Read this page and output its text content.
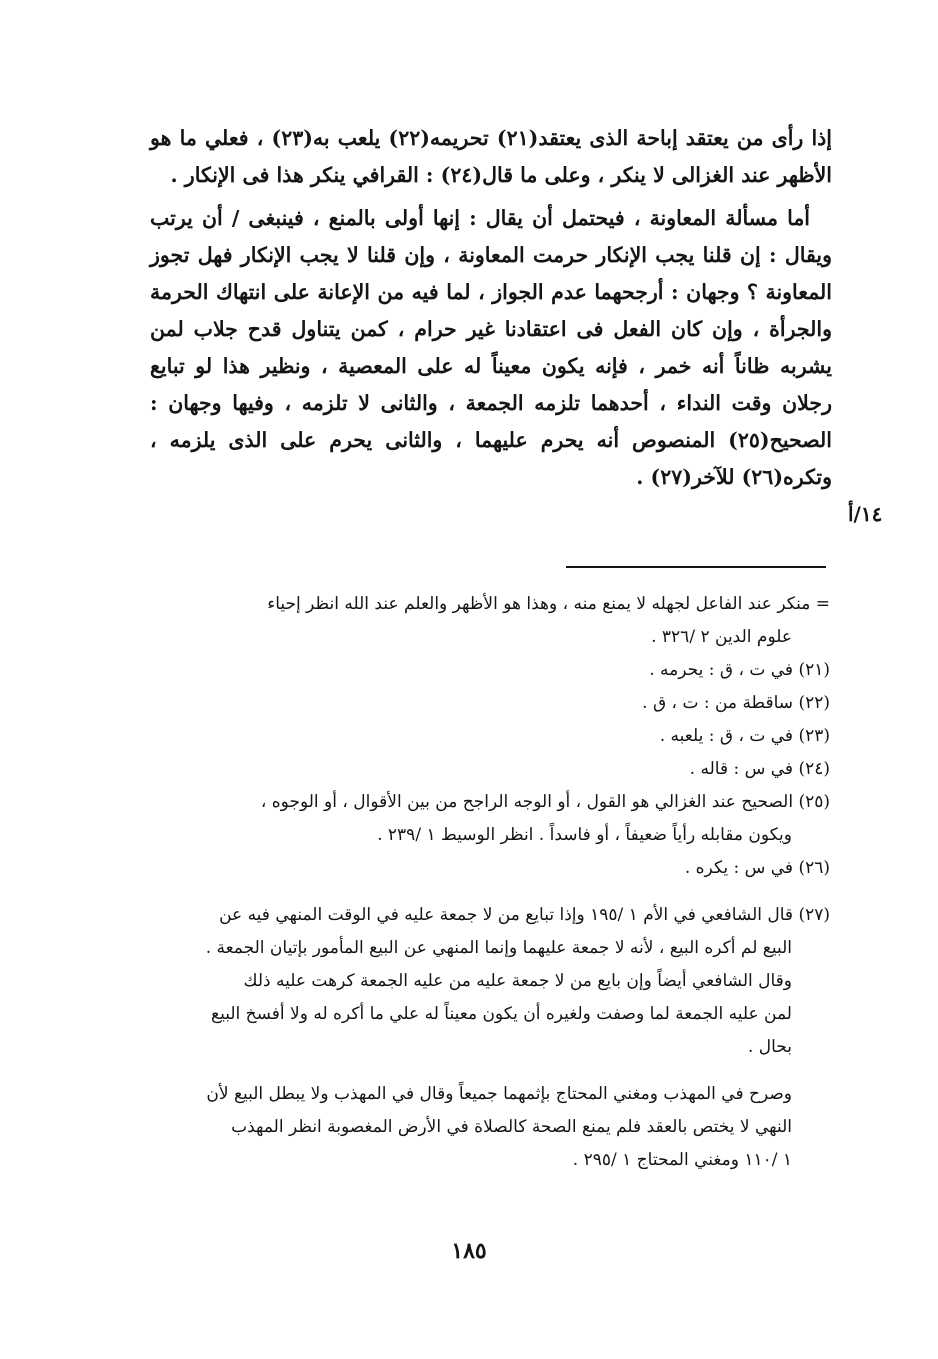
إذا رأى من يعتقد إباحة الذى يعتقد(٢١) تحريمه(٢٢) يلعب به(٢٣) ، فعلي ما هو الأظهر عند الغزالى لا ينكر ، وعلى ما قال(٢٤) : القرافي ينكر هذا فى الإنكار .

أما مسألة المعاونة ، فيحتمل أن يقال : إنها أولى بالمنع ، فينبغى / أن يرتب ويقال : إن قلنا يجب الإنكار حرمت المعاونة ، وإن قلنا لا يجب الإنكار فهل تجوز المعاونة ؟ وجهان : أرجحهما عدم الجواز ، لما فيه من الإعانة على انتهاك الحرمة والجرأة ، وإن كان الفعل فى اعتقادنا غير حرام ، كمن يتناول قدح جلاب لمن يشربه ظاناً أنه خمر ، فإنه يكون معيناً له على المعصية ، ونظير هذا لو تبايع رجلان وقت النداء ، أحدهما تلزمه الجمعة ، والثانى لا تلزمه ، وفيها وجهان : الصحيح(٢٥) المنصوص أنه يحرم عليهما ، والثانى يحرم على الذى يلزمه ، وتكره(٢٦) للآخر(٢٧) .

١٤/أ

= منكر عند الفاعل لجهله لا يمنع منه ، وهذا هو الأظهر والعلم عند الله انظر إحياء

علوم الدين ٢ /٣٢٦ .

(٢١) في ت ، ق : يحرمه .

(٢٢) ساقطة من : ت ، ق .

(٢٣) في ت ، ق : يلعبه .

(٢٤) في س : قاله .

(٢٥) الصحيح عند الغزالي هو القول ، أو الوجه الراجح من بين الأقوال ، أو الوجوه ،

ويكون مقابله رأياً ضعيفاً ، أو فاسداً . انظر الوسيط ١ /٢٣٩ .

(٢٦) في س : يكره .

(٢٧) قال الشافعي في الأم ١ /١٩٥ وإذا تبايع من لا جمعة عليه في الوقت المنهي فيه عن

البيع لم أكره البيع ، لأنه لا جمعة عليهما وإنما المنهي عن البيع المأمور بإتيان الجمعة .

وقال الشافعي أيضاً وإن بايع من لا جمعة عليه من عليه الجمعة كرهت عليه ذلك

لمن عليه الجمعة لما وصفت ولغيره أن يكون معيناً له علي ما أكره له ولا أفسخ البيع

بحال .

وصرح في المهذب ومغني المحتاج بإثمهما جميعاً وقال في المهذب ولا يبطل البيع لأن

النهي لا يختص بالعقد فلم يمنع الصحة كالصلاة في الأرض المغصوبة انظر المهذب

١ /١١٠ ومغني المحتاج ١ /٢٩٥ .

١٨٥
